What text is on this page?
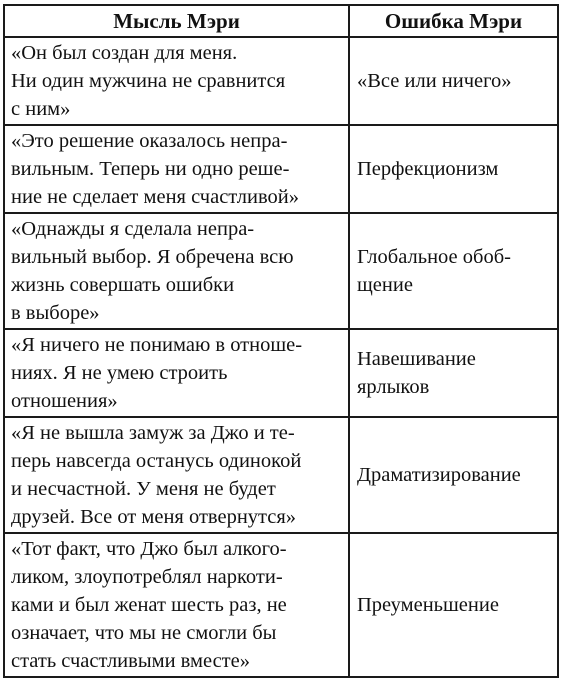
Мысль Мэри	Ошибка Мэри

«Он был создан для меня.
Ни один мужчина не сравнится
с ним»	«Все или ничего»

«Это решение оказалось непра-
вильным. Теперь ни одно реше-
ние не сделает меня счастливой»	Перфекционизм

«Однажды я сделала непра-
вильный выбор. Я обречена всю
жизнь совершать ошибки
в выборе»	Глобальное обоб-
щение

«Я ничего не понимаю в отноше-
ниях. Я не умею строить
отношения»	Навешивание
ярлыков

«Я не вышла замуж за Джо и те-
перь навсегда останусь одинокой
и несчастной. У меня не будет
друзей. Все от меня отвернутся»	Драматизирование

«Тот факт, что Джо был алкого-
ликом, злоупотреблял наркоти-
ками и был женат шесть раз, не
означает, что мы не смогли бы
стать счастливыми вместе»	Преуменьшение
